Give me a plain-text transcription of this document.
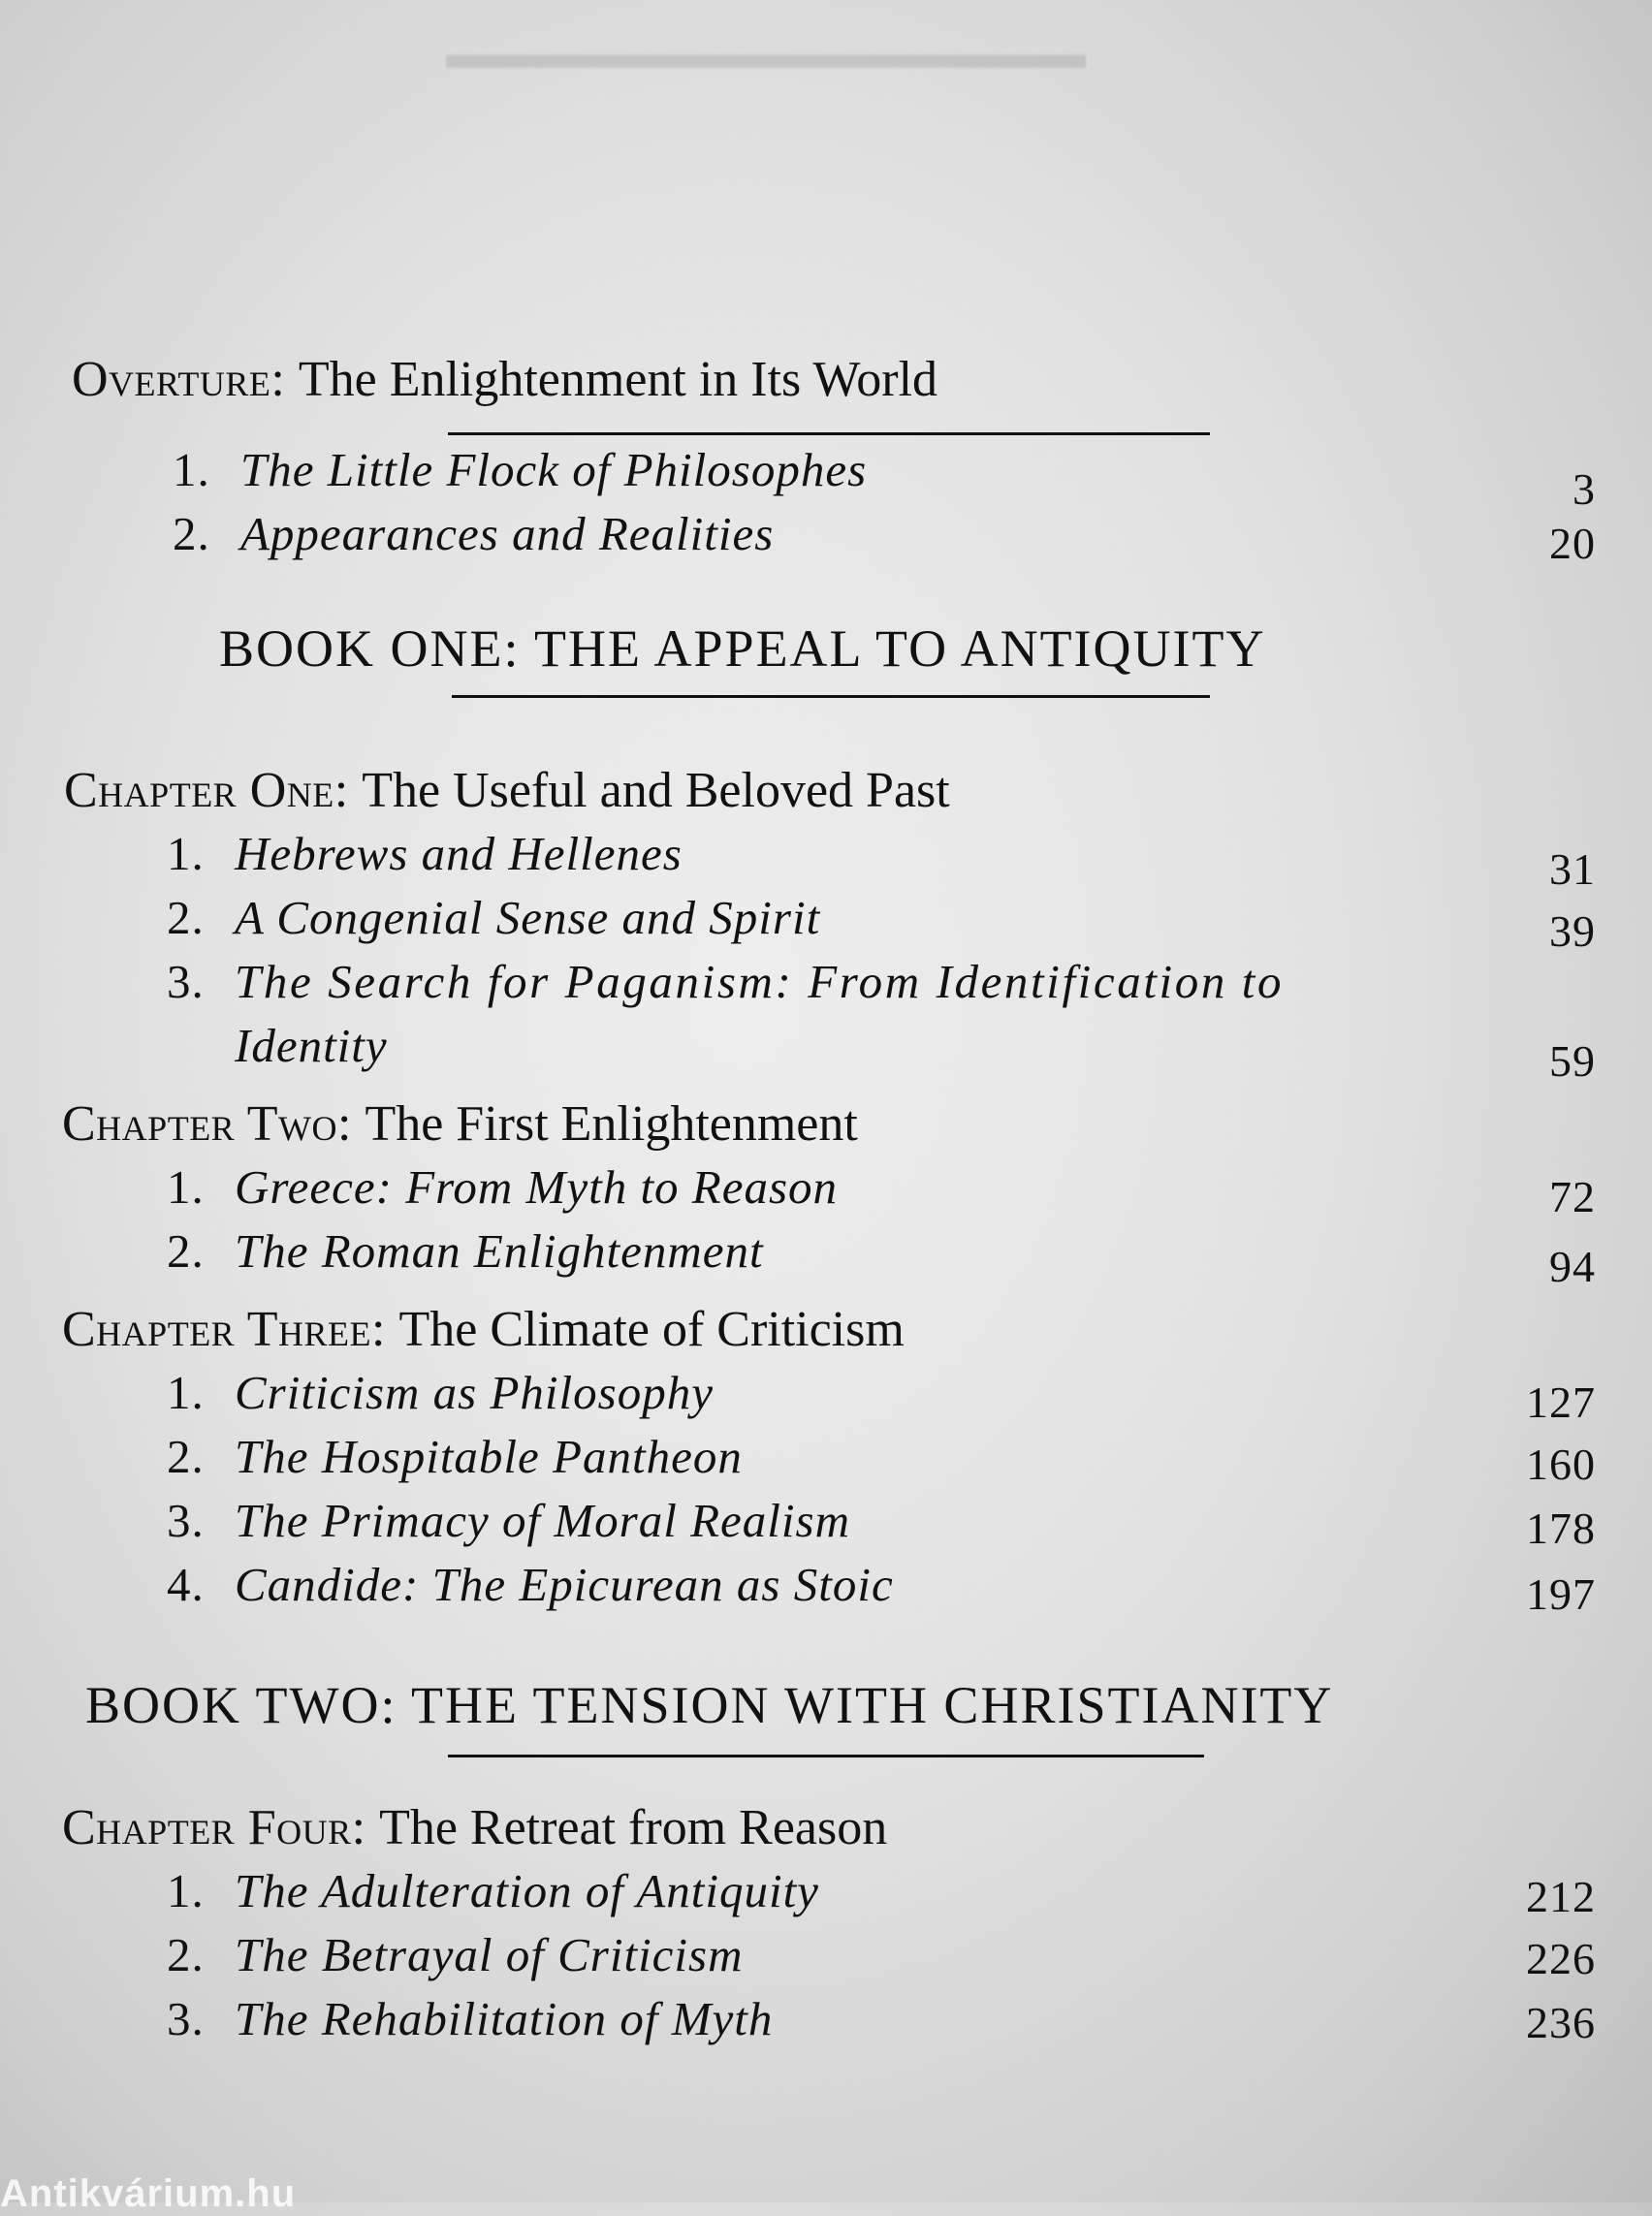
​▬▬▬▬▬▬▬▬▬▬▬▬▬▬▬
Overture: The Enlightenment in Its World
1. The Little Flock of Philosophes	3
2. Appearances and Realities	20
BOOK ONE: THE APPEAL TO ANTIQUITY
Chapter One: The Useful and Beloved Past
1. Hebrews and Hellenes	31
2. A Congenial Sense and Spirit	39
3. The Search for Paganism: From Identification to
Identity	59
Chapter Two: The First Enlightenment
1. Greece: From Myth to Reason	72
2. The Roman Enlightenment	94
Chapter Three: The Climate of Criticism
1. Criticism as Philosophy	127
2. The Hospitable Pantheon	160
3. The Primacy of Moral Realism	178
4. Candide: The Epicurean as Stoic	197
BOOK TWO: THE TENSION WITH CHRISTIANITY
Chapter Four: The Retreat from Reason
1. The Adulteration of Antiquity	212
2. The Betrayal of Criticism	226
3. The Rehabilitation of Myth	236
Antikvárium.hu
